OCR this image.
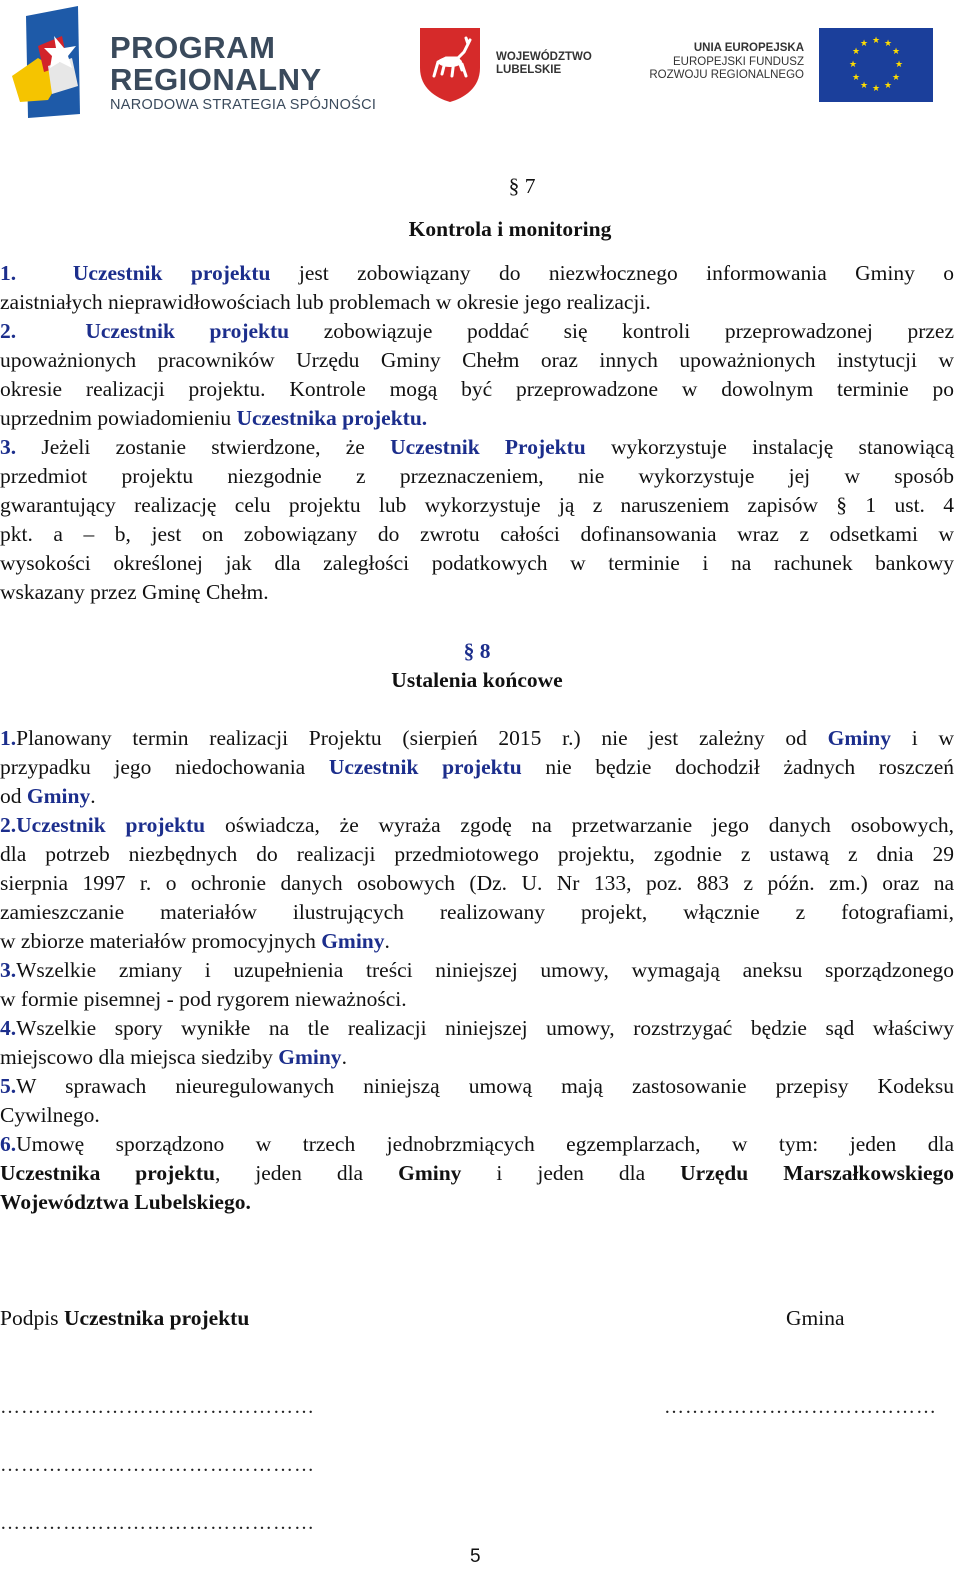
PROGRAM
REGIONALNY
NARODOWA STRATEGIA SPÓJNOŚCI
WOJEWÓDZTWO
LUBELSKIE
UNIA EUROPEJSKA
EUROPEJSKI FUNDUSZ
ROZWOJU REGIONALNEGO
★ ★
★
★
★
★
★
★
★
★
★
★
§ 7
Kontrola i monitoring
1.	Uczestnik projektu jest zobowiązany do niezwłocznego informowania Gminy o
zaistniałych nieprawidłowościach lub problemach w okresie jego realizacji.
2.	Uczestnik projektu zobowiązuje poddać się kontroli przeprowadzonej przez
upoważnionych pracowników Urzędu Gminy Chełm oraz innych upoważnionych instytucji w
okresie realizacji projektu. Kontrole mogą być przeprowadzone w dowolnym terminie po
uprzednim powiadomieniu Uczestnika projektu.
3. Jeżeli zostanie stwierdzone, że Uczestnik Projektu wykorzystuje instalację stanowiącą
przedmiot projektu niezgodnie z przeznaczeniem, nie wykorzystuje jej w sposób
gwarantujący realizację celu projektu lub wykorzystuje ją z naruszeniem zapisów § 1 ust. 4
pkt. a – b, jest on zobowiązany do zwrotu całości dofinansowania wraz z odsetkami w
wysokości określonej jak dla zaległości podatkowych w terminie i na rachunek bankowy
wskazany przez Gminę Chełm.
§ 8
Ustalenia końcowe
1.Planowany termin realizacji Projektu (sierpień 2015 r.) nie jest zależny od Gminy i w
przypadku jego niedochowania Uczestnik projektu nie będzie dochodził żadnych roszczeń
od Gminy.
2.Uczestnik projektu oświadcza, że wyraża zgodę na przetwarzanie jego danych osobowych,
dla potrzeb niezbędnych do realizacji przedmiotowego projektu, zgodnie z ustawą z dnia 29
sierpnia 1997 r. o ochronie danych osobowych (Dz. U. Nr 133, poz. 883 z późn. zm.) oraz na
zamieszczanie materiałów ilustrujących realizowany projekt, włącznie z fotografiami,
w zbiorze materiałów promocyjnych Gminy.
3.Wszelkie zmiany i uzupełnienia treści niniejszej umowy, wymagają aneksu sporządzonego
w formie pisemnej - pod rygorem nieważności.
4.Wszelkie spory wynikłe na tle realizacji niniejszej umowy, rozstrzygać będzie sąd właściwy
miejscowo dla miejsca siedziby Gminy.
5.W sprawach nieuregulowanych niniejszą umową mają zastosowanie przepisy Kodeksu
Cywilnego.
6.Umowę sporządzono w trzech jednobrzmiących egzemplarzach, w tym: jeden dla
Uczestnika projektu, jeden dla Gminy i jeden dla Urzędu Marszałkowskiego
Województwa Lubelskiego.
Podpis Uczestnika projektu	Gmina
………………………………………	…………………………………
………………………………………
………………………………………
5
